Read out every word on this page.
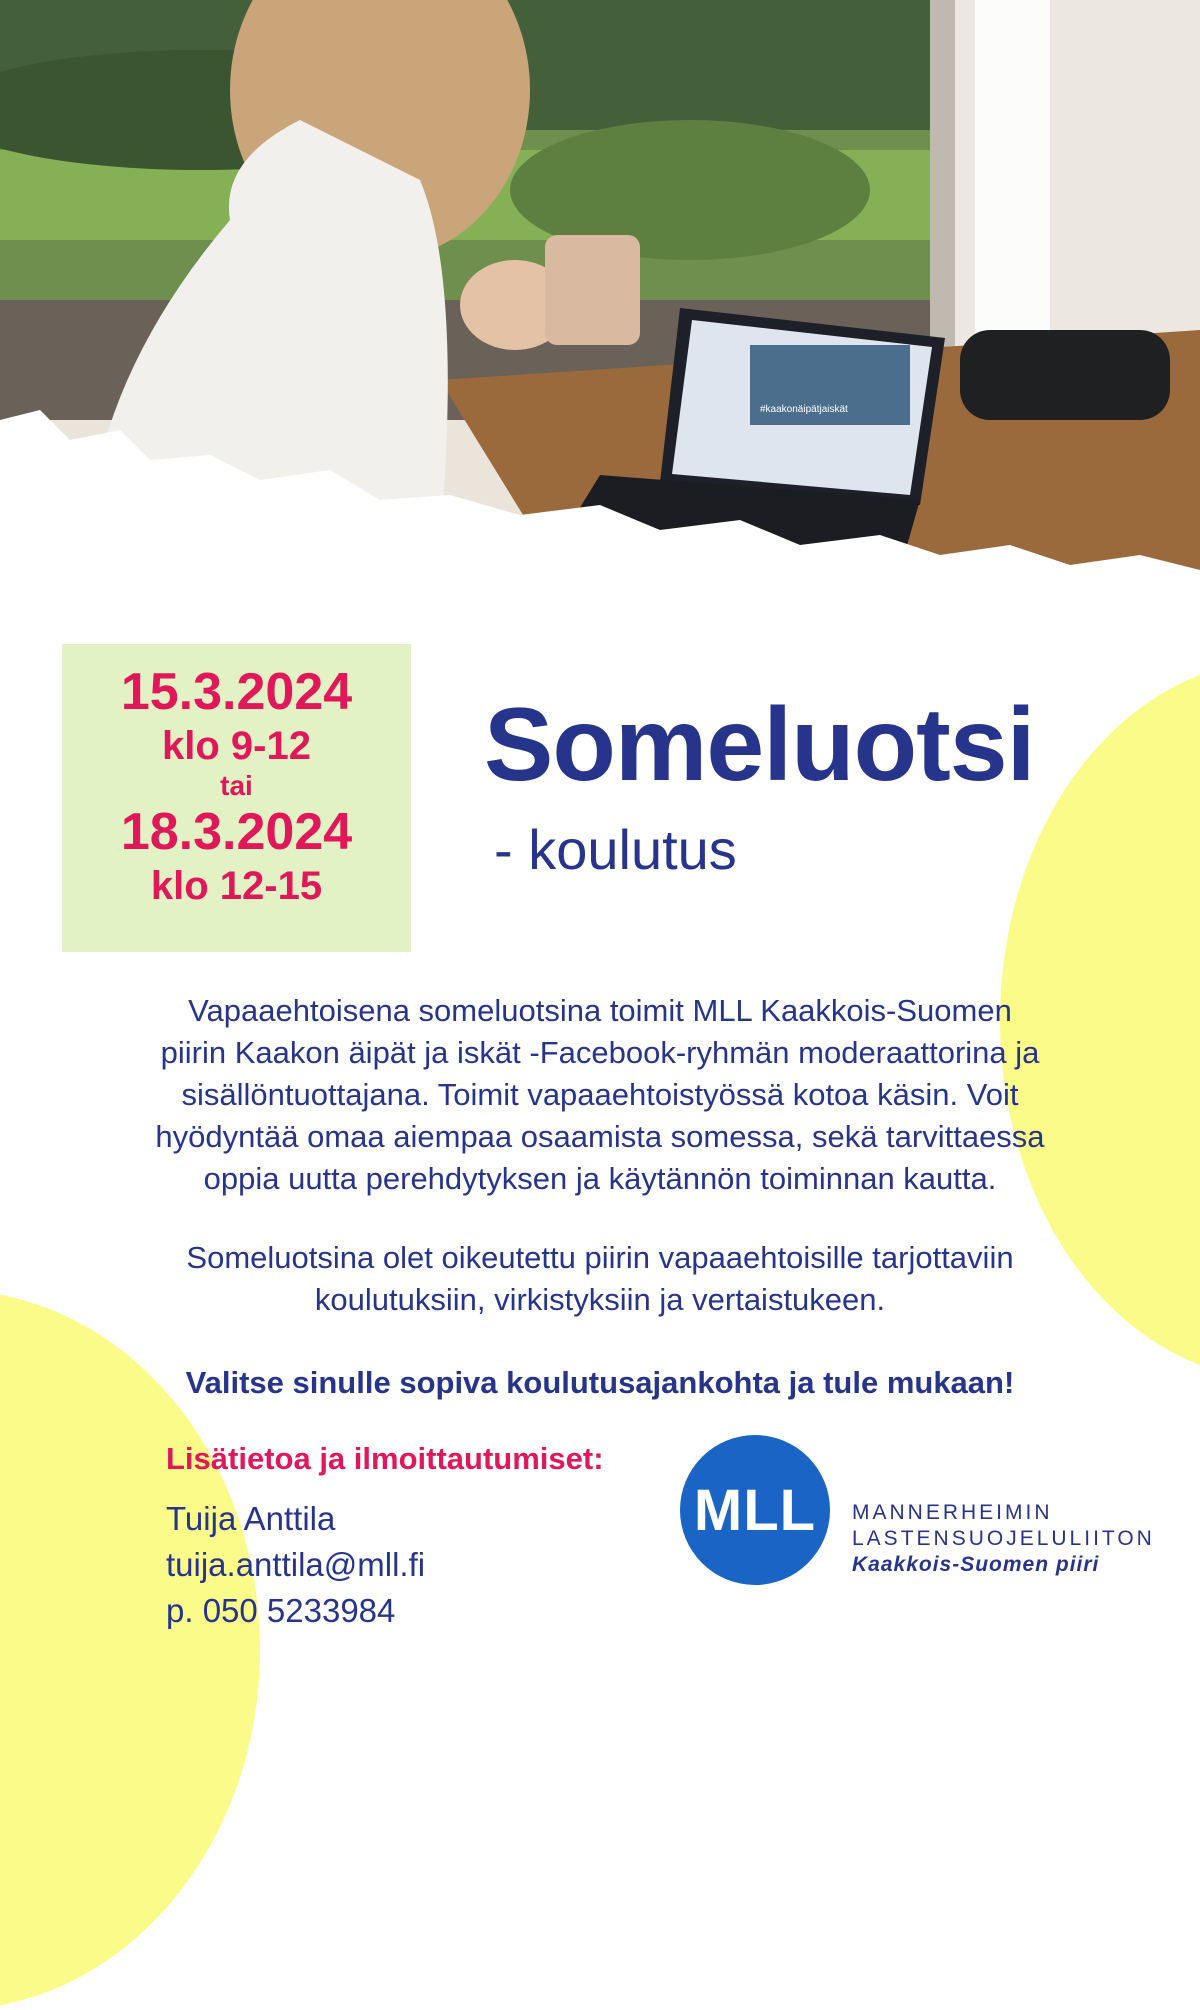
#kaakonäipätjaiskät
15.3.2024
klo 9-12
tai
18.3.2024
klo 12-15
Someluotsi
- koulutus
Vapaaehtoisena someluotsina toimit MLL Kaakkois-Suomen
piirin Kaakon äipät ja iskät -Facebook-ryhmän moderaattorina ja
sisällöntuottajana. Toimit vapaaehtoistyössä kotoa käsin. Voit
hyödyntää omaa aiempaa osaamista somessa, sekä tarvittaessa
oppia uutta perehdytyksen ja käytännön toiminnan kautta.
Someluotsina olet oikeutettu piirin vapaaehtoisille tarjottaviin
koulutuksiin, virkistyksiin ja vertaistukeen.
Valitse sinulle sopiva koulutusajankohta ja tule mukaan!
Lisätietoa ja ilmoittautumiset:
Tuija Anttila
tuija.anttila@mll.fi
p. 050 5233984
MLL MANNERHEIMIN
LASTENSUOJELULIITON
Kaakkois-Suomen piiri
